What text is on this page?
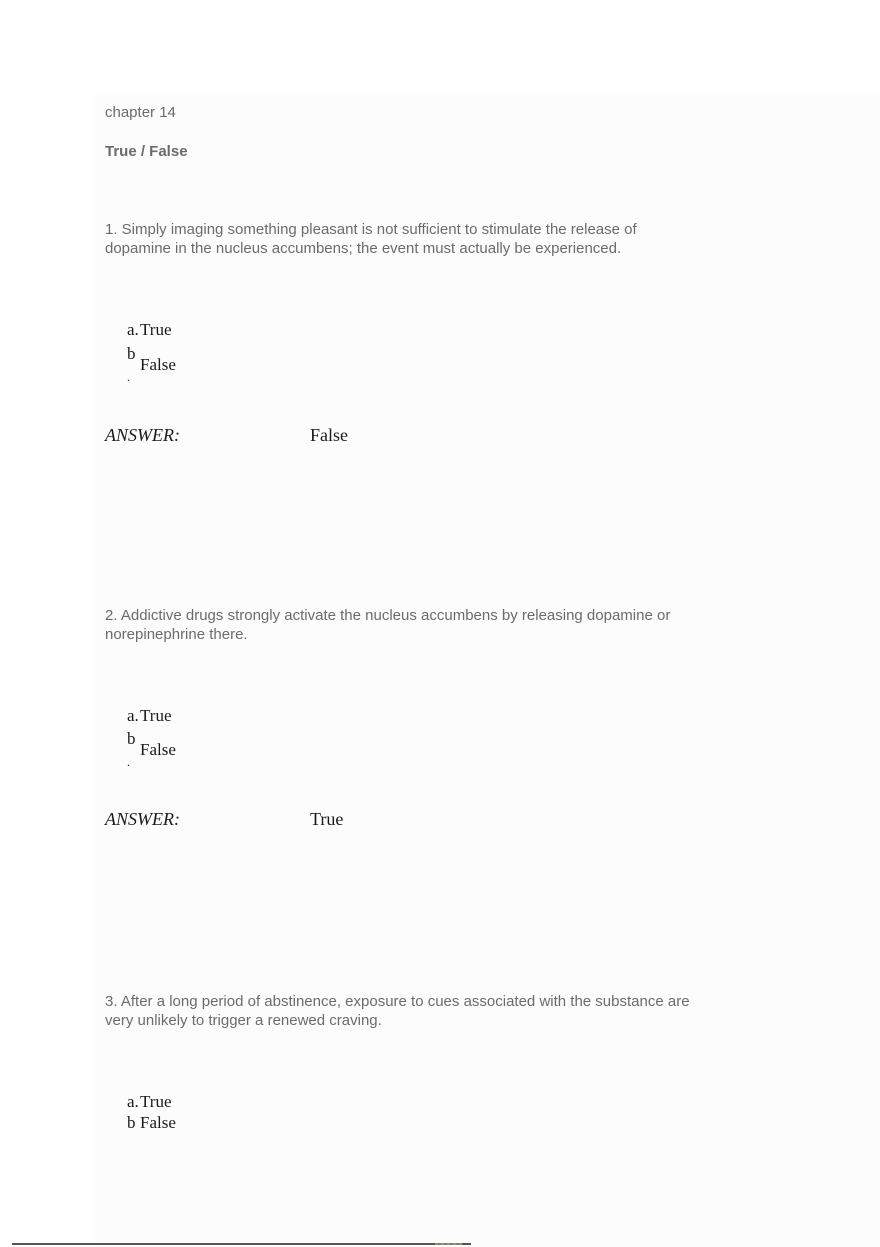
chapter 14
True / False
1. Simply imaging something pleasant is not sufficient to stimulate the release of dopamine in the nucleus accumbens; the event must actually be experienced.
a.True
bFalse
.
ANSWER:	False
2. Addictive drugs strongly activate the nucleus accumbens by releasing dopamine or norepinephrine there.
a.True
bFalse
.
ANSWER:	True
3. After a long period of abstinence, exposure to cues associated with the substance are very unlikely to trigger a renewed craving.
a.True
b False
